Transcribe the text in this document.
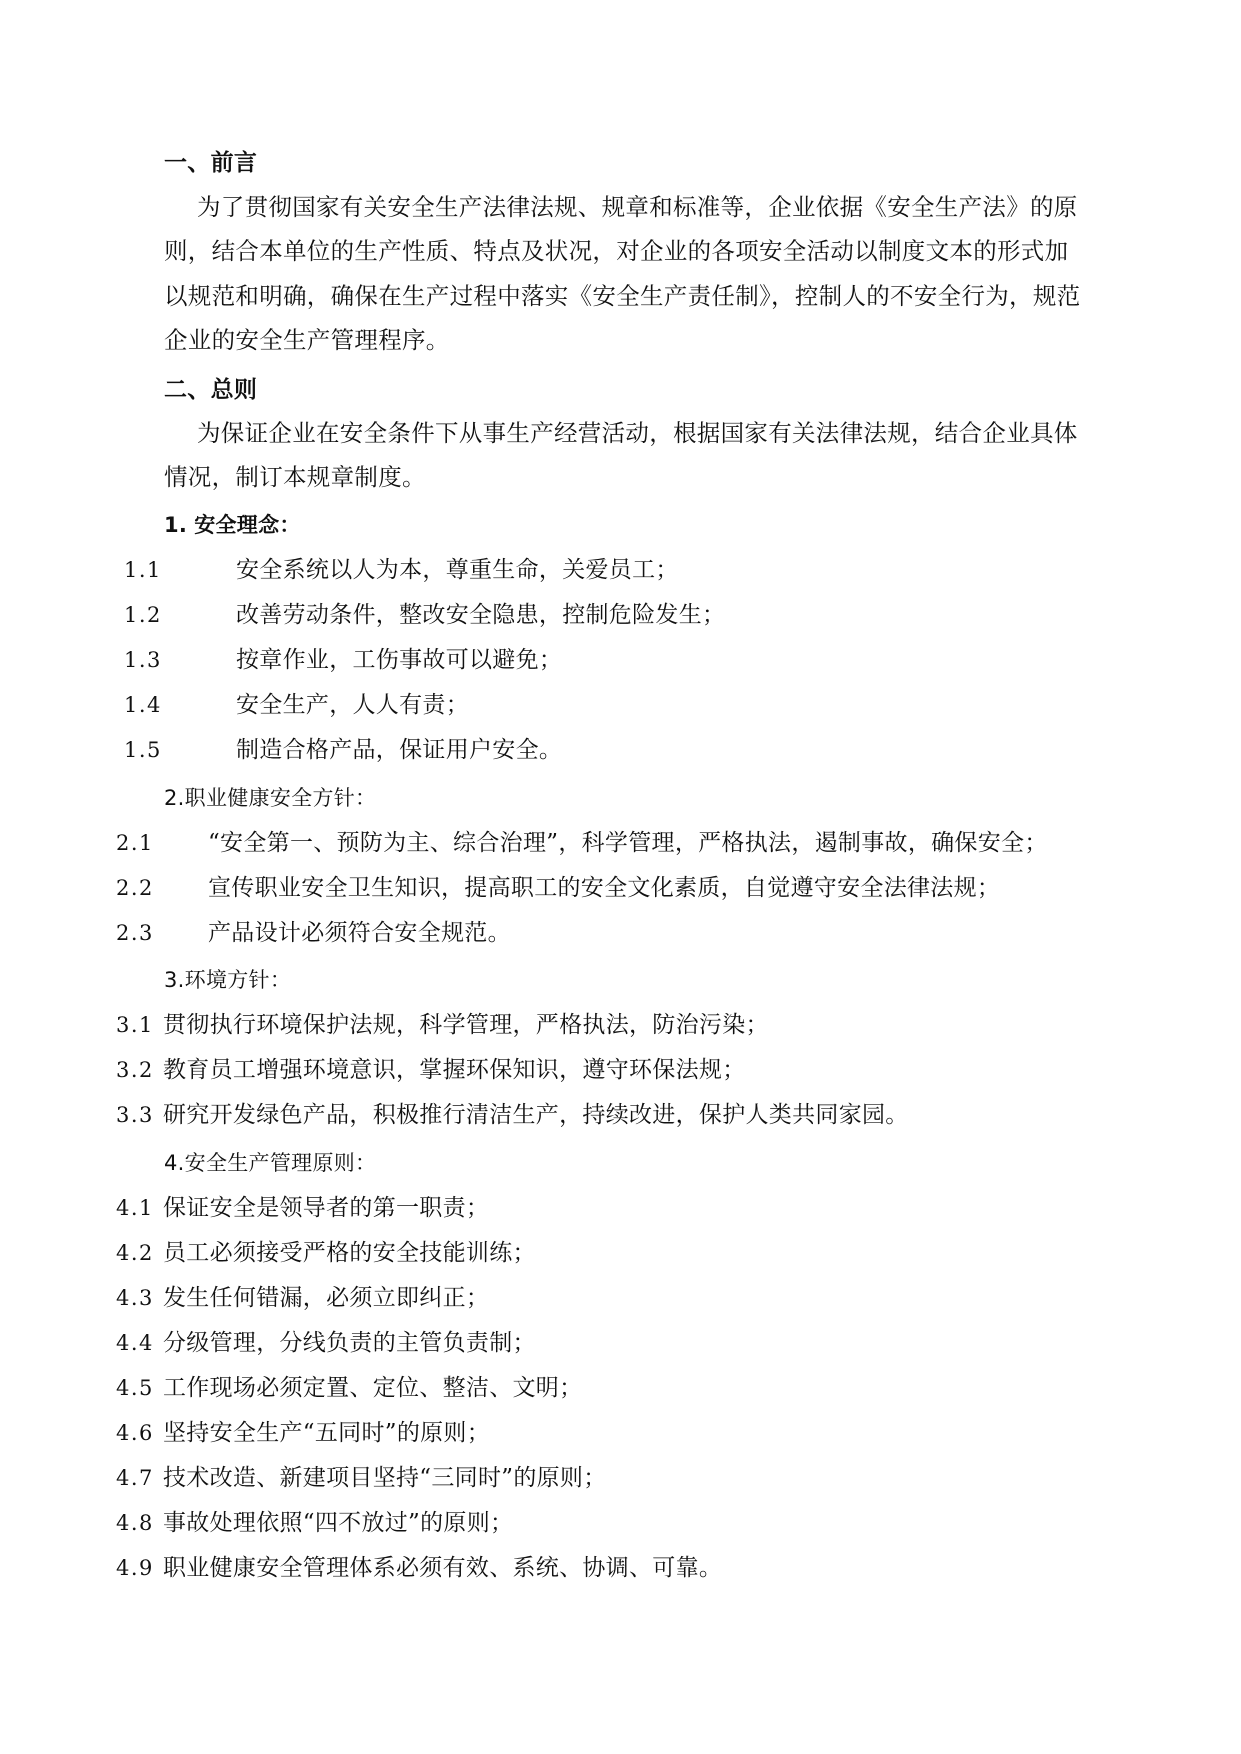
一、前言
为了贯彻国家有关安全生产法律法规、规章和标准等，企业依据《安全生产法》的原
则，结合本单位的生产性质、特点及状况，对企业的各项安全活动以制度文本的形式加
以规范和明确，确保在生产过程中落实《安全生产责任制》，控制人的不安全行为，规范
企业的安全生产管理程序。
二、总则
为保证企业在安全条件下从事生产经营活动，根据国家有关法律法规，结合企业具体
情况，制订本规章制度。
1. 安全理念：
1.1	安全系统以人为本，尊重生命，关爱员工；
1.2	改善劳动条件，整改安全隐患，控制危险发生；
1.3	按章作业，工伤事故可以避免；
1.4	安全生产，人人有责；
1.5	制造合格产品，保证用户安全。
2.职业健康安全方针：
2.1 “安全第一、预防为主、综合治理”，科学管理，严格执法，遏制事故，确保安全；
2.2 宣传职业安全卫生知识，提高职工的安全文化素质，自觉遵守安全法律法规；
2.3 产品设计必须符合安全规范。
3.环境方针：
3.1 贯彻执行环境保护法规，科学管理，严格执法，防治污染；
3.2 教育员工增强环境意识，掌握环保知识，遵守环保法规；
3.3 研究开发绿色产品，积极推行清洁生产，持续改进，保护人类共同家园。
4.安全生产管理原则：
4.1 保证安全是领导者的第一职责；
4.2 员工必须接受严格的安全技能训练；
4.3 发生任何错漏，必须立即纠正；
4.4 分级管理，分线负责的主管负责制；
4.5 工作现场必须定置、定位、整洁、文明；
4.6 坚持安全生产“五同时”的原则；
4.7 技术改造、新建项目坚持“三同时”的原则；
4.8 事故处理依照“四不放过”的原则；
4.9 职业健康安全管理体系必须有效、系统、协调、可靠。
